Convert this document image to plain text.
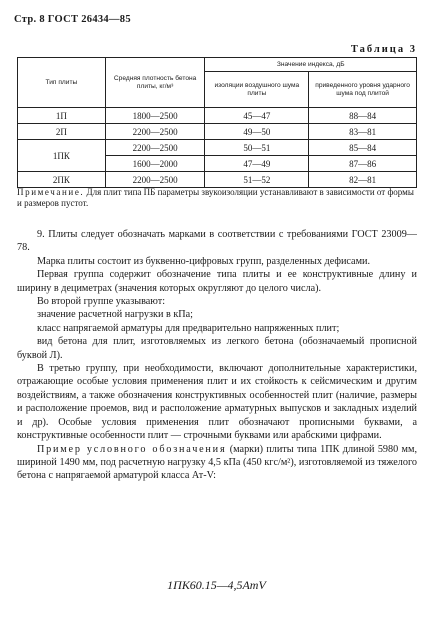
Стр. 8 ГОСТ 26434—85
Таблица 3
Тип плиты	Средняя плотность бетона плиты, кг/м³	Значение индекса, дБ	
		изоляции воздушного шума плиты	приведенного уровня ударного шума под плитой
1П	1800—2500	45—47	88—84
2П	2200—2500	49—50	83—81
1ПК	2200—2500	50—51	85—84
	1600—2000	47—49	87—86
2ПК	2200—2500	51—52	82—81
Примечание. Для плит типа ПБ параметры звукоизоляции устанавливают в зависимости от формы и размеров пустот.

9. Плиты следует обозначать марками в соответствии с требованиями ГОСТ 23009—78.

Марка плиты состоит из буквенно-цифровых групп, разделенных дефисами.

Первая группа содержит обозначение типа плиты и ее конструктивные длину и ширину в дециметрах (значения которых округляют до целого числа).

Во второй группе указывают:

значение расчетной нагрузки в кПа;

класс напрягаемой арматуры для предварительно напряженных плит;

вид бетона для плит, изготовляемых из легкого бетона (обозначаемый прописной буквой Л).

В третью группу, при необходимости, включают дополнительные характеристики, отражающие особые условия применения плит и их стойкость к сейсмическим и другим воздействиям, а также обозначения конструктивных особенностей плит (наличие, размеры и расположение проемов, вид и расположение арматурных выпусков и закладных изделий и др). Особые условия применения плит обозначают прописными буквами, а конструктивные особенности плит — строчными буквами или арабскими цифрами.

Пример условного обозначения (марки) плиты типа 1ПК длиной 5980 мм, шириной 1490 мм, под расчетную нагрузку 4,5 кПа (450 кгс/м²), изготовляемой из тяжелого бетона с напрягаемой арматурой класса Ат-V:

1ПК60.15—4,5АтV
